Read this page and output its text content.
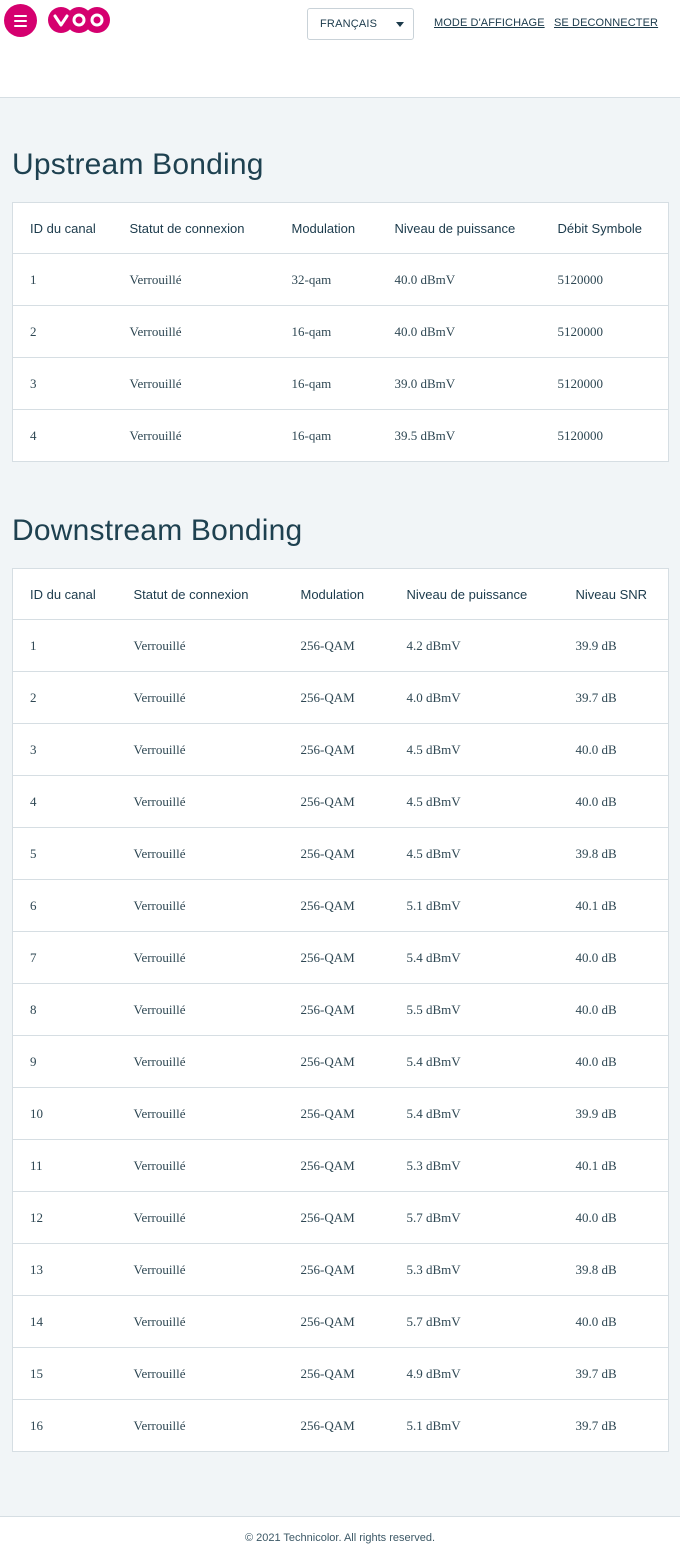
FRANÇAIS	MODE D'AFFICHAGE SE DECONNECTER
Upstream Bonding
ID du canal	Statut de connexion	Modulation	Niveau de puissance	Débit Symbole
1	Verrouillé	32-qam	40.0 dBmV	5120000
2	Verrouillé	16-qam	40.0 dBmV	5120000
3	Verrouillé	16-qam	39.0 dBmV	5120000
4	Verrouillé	16-qam	39.5 dBmV	5120000
Downstream Bonding
ID du canal	Statut de connexion	Modulation	Niveau de puissance	Niveau SNR
1	Verrouillé	256-QAM	4.2 dBmV	39.9 dB
2	Verrouillé	256-QAM	4.0 dBmV	39.7 dB
3	Verrouillé	256-QAM	4.5 dBmV	40.0 dB
4	Verrouillé	256-QAM	4.5 dBmV	40.0 dB
5	Verrouillé	256-QAM	4.5 dBmV	39.8 dB
6	Verrouillé	256-QAM	5.1 dBmV	40.1 dB
7	Verrouillé	256-QAM	5.4 dBmV	40.0 dB
8	Verrouillé	256-QAM	5.5 dBmV	40.0 dB
9	Verrouillé	256-QAM	5.4 dBmV	40.0 dB
10	Verrouillé	256-QAM	5.4 dBmV	39.9 dB
11	Verrouillé	256-QAM	5.3 dBmV	40.1 dB
12	Verrouillé	256-QAM	5.7 dBmV	40.0 dB
13	Verrouillé	256-QAM	5.3 dBmV	39.8 dB
14	Verrouillé	256-QAM	5.7 dBmV	40.0 dB
15	Verrouillé	256-QAM	4.9 dBmV	39.7 dB
16	Verrouillé	256-QAM	5.1 dBmV	39.7 dB
© 2021 Technicolor. All rights reserved.
